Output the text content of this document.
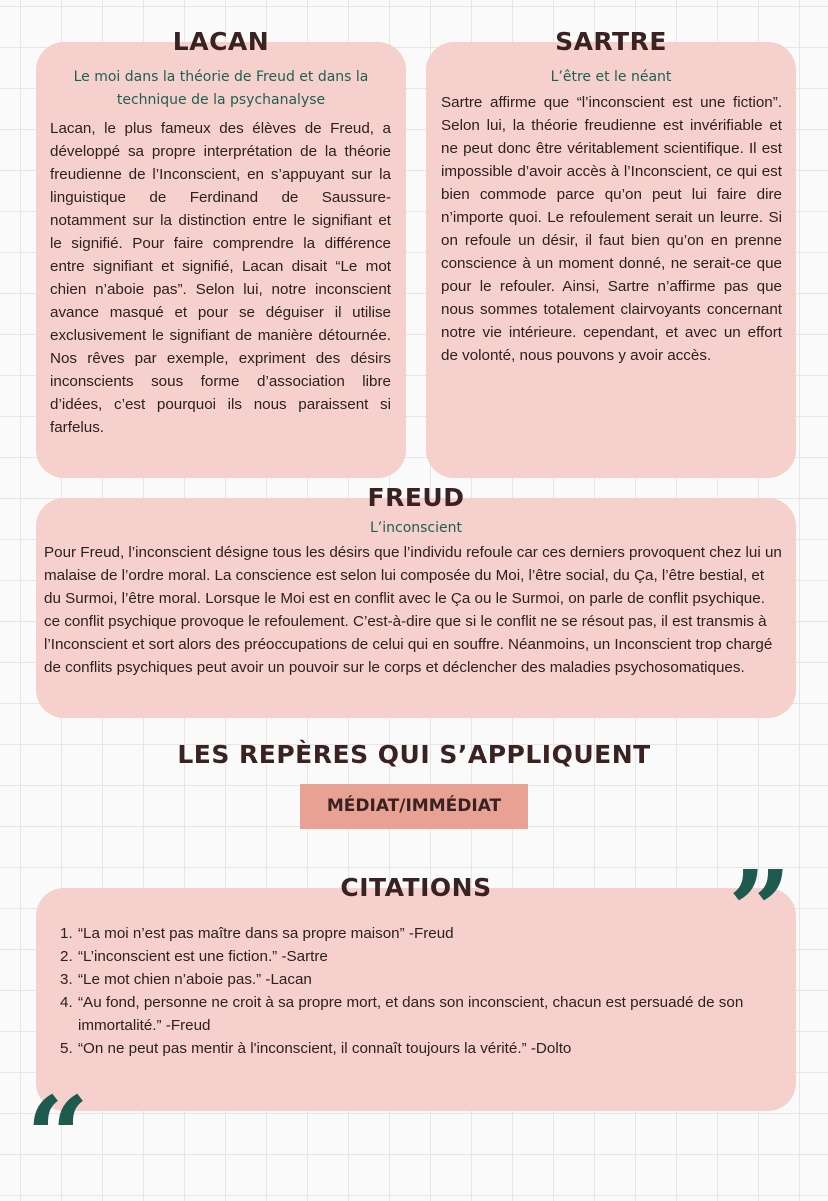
LACAN

Le moi dans la théorie de Freud et dans la technique de la psychanalyse

Lacan, le plus fameux des élèves de Freud, a développé sa propre interprétation de la théorie freudienne de l’Inconscient, en s’appuyant sur la linguistique de Ferdinand de Saussure- notamment sur la distinction entre le signifiant et le signifié. Pour faire comprendre la différence entre signifiant et signifié, Lacan disait “Le mot chien n’aboie pas”. Selon lui, notre inconscient avance masqué et pour se déguiser il utilise exclusivement le signifiant de manière détournée. Nos rêves par exemple, expriment des désirs inconscients sous forme d’association libre d’idées, c’est pourquoi ils nous paraissent si farfelus.

SARTRE

L’être et le néant

Sartre affirme que “l’inconscient est une fiction”. Selon lui, la théorie freudienne est invérifiable et ne peut donc être véritablement scientifique. Il est impossible d’avoir accès à l’Inconscient, ce qui est bien commode parce qu’on peut lui faire dire n’importe quoi. Le refoulement serait un leurre. Si on refoule un désir, il faut bien qu’on en prenne conscience à un moment donné, ne serait-ce que pour le refouler. Ainsi, Sartre n’affirme pas que nous sommes totalement clairvoyants concernant notre vie intérieure. cependant, et avec un effort de volonté, nous pouvons y avoir accès.

FREUD

L’inconscient

Pour Freud, l’inconscient désigne tous les désirs que l’individu refoule car ces derniers provoquent chez lui un malaise de l’ordre moral. La conscience est selon lui composée du Moi, l’être social, du Ça, l’être bestial, et du Surmoi, l’être moral. Lorsque le Moi est en conflit avec le Ça ou le Surmoi, on parle de conflit psychique. ce conflit psychique provoque le refoulement. C’est-à-dire que si le conflit ne se résout pas, il est transmis à l’Inconscient et sort alors des préoccupations de celui qui en souffre. Néanmoins, un Inconscient trop chargé de conflits psychiques peut avoir un pouvoir sur le corps et déclencher des maladies psychosomatiques.

LES REPÈRES QUI S’APPLIQUENT
MÉDIAT/IMMÉDIAT
CITATIONS
1. “La moi n’est pas maître dans sa propre maison” -Freud
2. “L’inconscient est une fiction.” -Sartre
3. “Le mot chien n’aboie pas.” -Lacan
4. “Au fond, personne ne croit à sa propre mort, et dans son inconscient, chacun est persuadé de son immortalité.” -Freud
5. “On ne peut pas mentir à l'inconscient, il connaît toujours la vérité.” -Dolto
”
“
